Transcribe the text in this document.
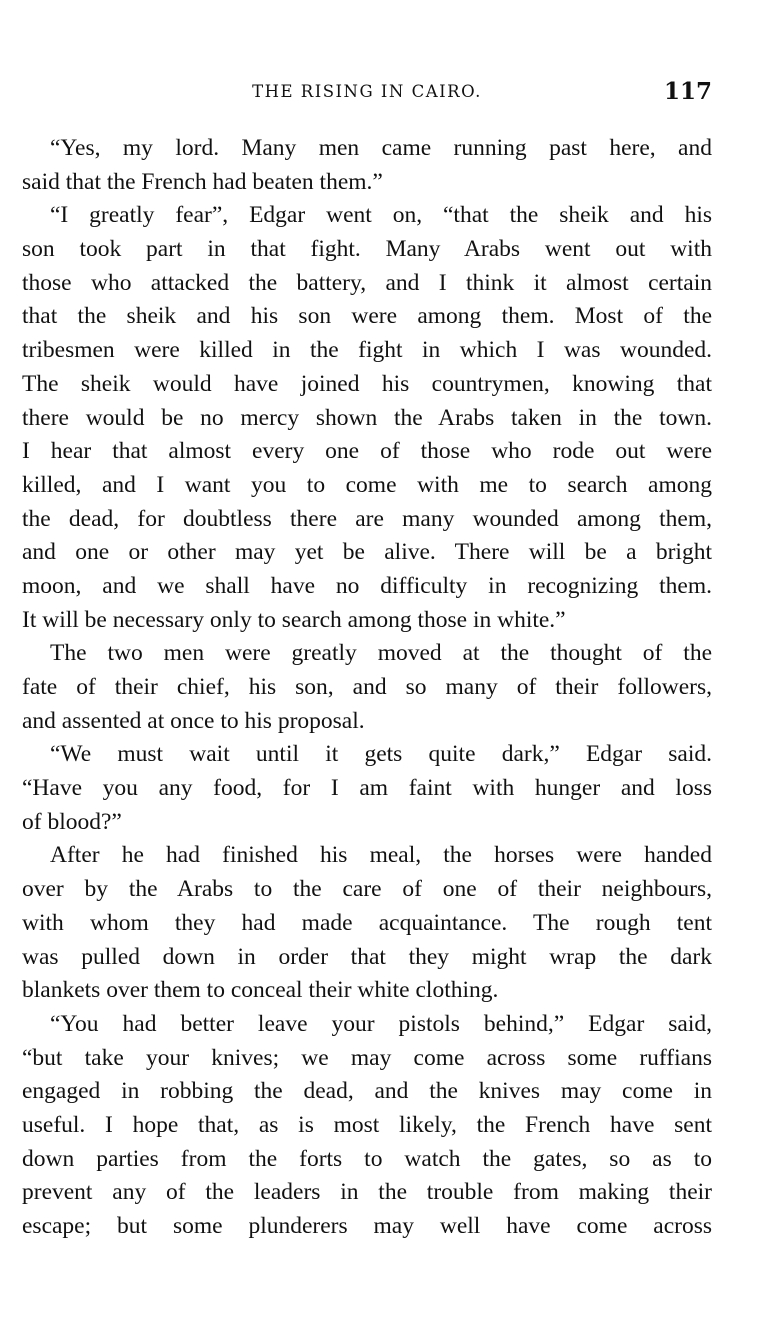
THE RISING IN CAIRO.	117
“Yes, my lord. Many men came running past here, and
said that the French had beaten them.”
“I greatly fear”, Edgar went on, “that the sheik and his
son took part in that fight. Many Arabs went out with
those who attacked the battery, and I think it almost certain
that the sheik and his son were among them. Most of the
tribesmen were killed in the fight in which I was wounded.
The sheik would have joined his countrymen, knowing that
there would be no mercy shown the Arabs taken in the town.
I hear that almost every one of those who rode out were
killed, and I want you to come with me to search among
the dead, for doubtless there are many wounded among them,
and one or other may yet be alive. There will be a bright
moon, and we shall have no difficulty in recognizing them.
It will be necessary only to search among those in white.”
The two men were greatly moved at the thought of the
fate of their chief, his son, and so many of their followers,
and assented at once to his proposal.
“We must wait until it gets quite dark,” Edgar said.
“Have you any food, for I am faint with hunger and loss
of blood?”
After he had finished his meal, the horses were handed
over by the Arabs to the care of one of their neighbours,
with whom they had made acquaintance. The rough tent
was pulled down in order that they might wrap the dark
blankets over them to conceal their white clothing.
“You had better leave your pistols behind,” Edgar said,
“but take your knives; we may come across some ruffians
engaged in robbing the dead, and the knives may come in
useful. I hope that, as is most likely, the French have sent
down parties from the forts to watch the gates, so as to
prevent any of the leaders in the trouble from making their
escape; but some plunderers may well have come across
